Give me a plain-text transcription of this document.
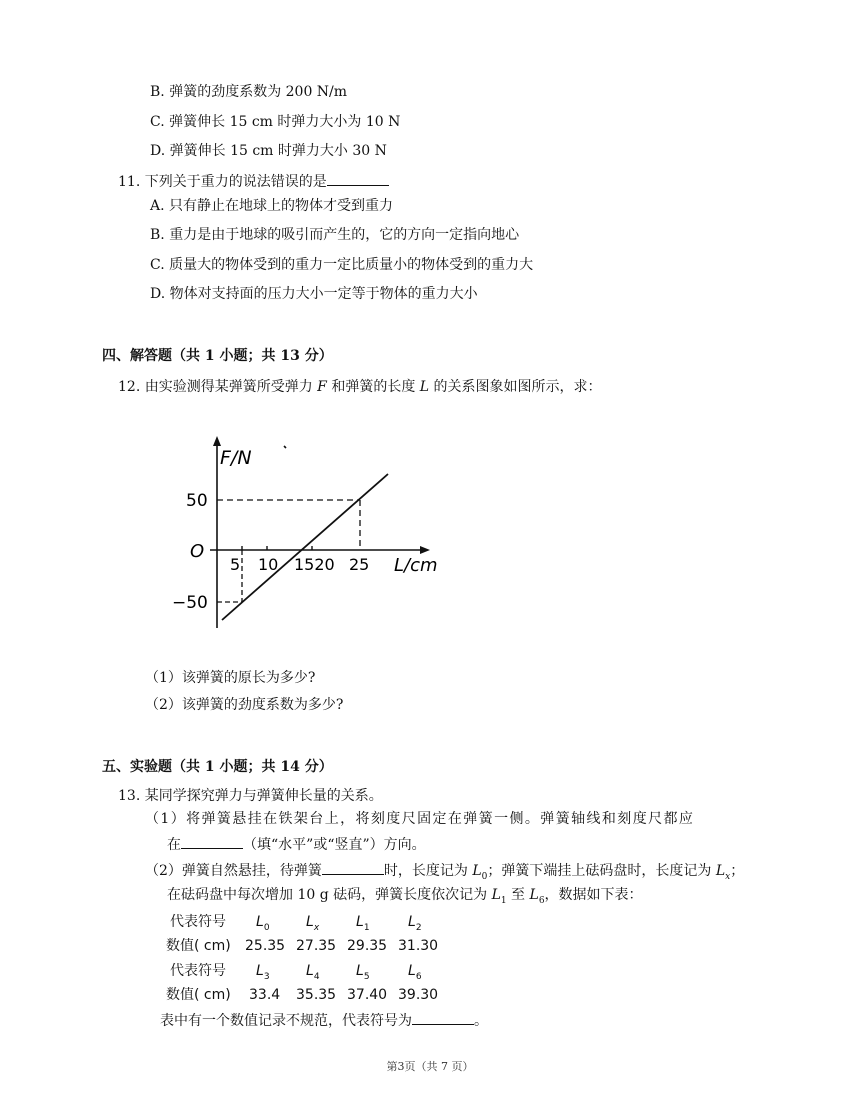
B. 弹簧的劲度系数为 200 N/m
C. 弹簧伸长 15 cm 时弹力大小为 10 N
D. 弹簧伸长 15 cm 时弹力大小 30 N
11. 下列关于重力的说法错误的是
A. 只有静止在地球上的物体才受到重力
B. 重力是由于地球的吸引而产生的，它的方向一定指向地心
C. 质量大的物体受到的重力一定比质量小的物体受到的重力大
D. 物体对支持面的压力大小一定等于物体的重力大小
四、解答题（共 1 小题；共 13 分）
12. 由实验测得某弹簧所受弹力 F 和弹簧的长度 L 的关系图象如图所示，求：
F/N
50
O
−50
5 10 1520 25 L/cm
（1）该弹簧的原长为多少?
（2）该弹簧的劲度系数为多少?
五、实验题（共 1 小题；共 14 分）
13. 某同学探究弹力与弹簧伸长量的关系。
（1）将弹簧悬挂在铁架台上，将刻度尺固定在弹簧一侧。弹簧轴线和刻度尺都应
在	（填“水平”或“竖直”）方向。
（2）弹簧自然悬挂，待弹簧	时，长度记为 $L_0$；弹簧下端挂上砝码盘时，长度记为 $L_x$；
在砝码盘中每次增加 10 g 砝码，弹簧长度依次记为 $L_1$ 至 $L_6$，数据如下表：
代表符号 $L_0$	$L_x$	$L_1$	$L_2$
数值( cm) 25.35 27.35 29.35 31.30
代表符号 $L_3$	$L_4$	$L_5$	$L_6$
数值( cm) 33.4 35.35 37.40 39.30
表中有一个数值记录不规范，代表符号为	。
第3页（共 7 页）
